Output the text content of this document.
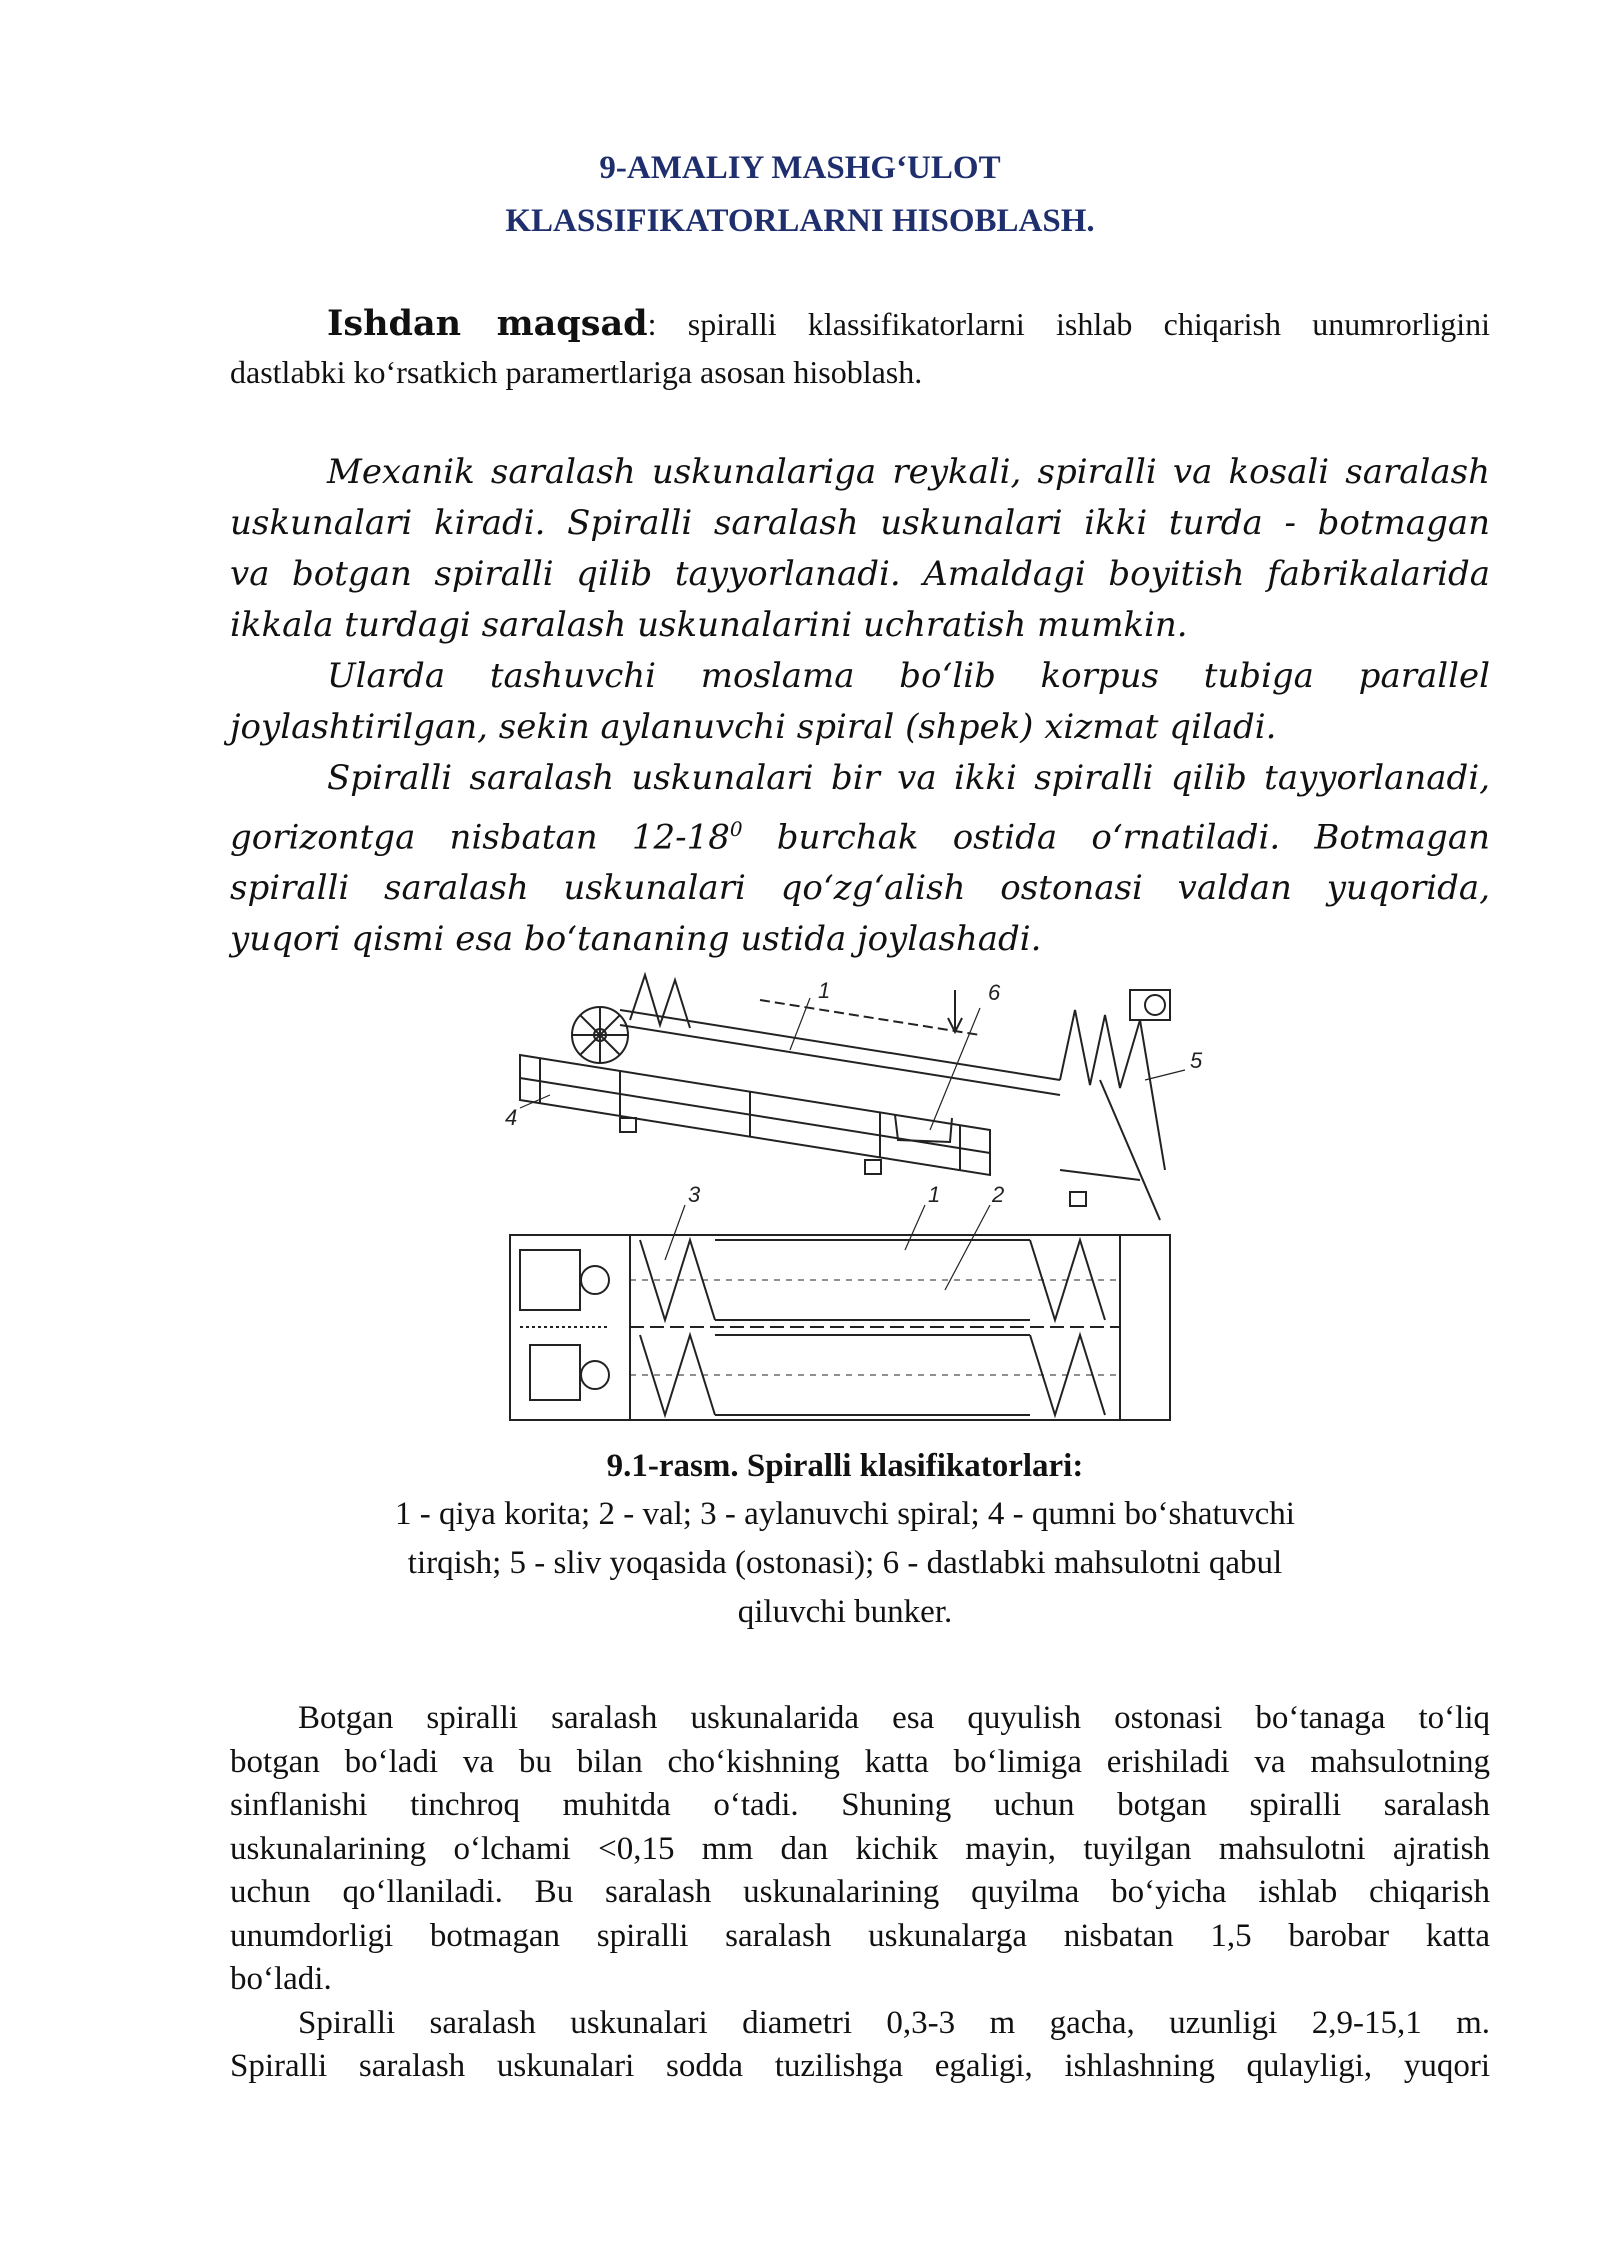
9-AMALIY MASHG‘ULOT
KLASSIFIKATORLARNI HISOBLASH.
Ishdan maqsad: spiralli klassifikatorlarni ishlab chiqarish unumrorligini
dastlabki ko‘rsatkich paramertlariga asosan hisoblash.
Mexanik saralash uskunalariga reykali, spiralli va kosali saralash
uskunalari kiradi. Spiralli saralash uskunalari ikki turda - botmagan
va botgan spiralli qilib tayyorlanadi. Amaldagi boyitish fabrikalarida
ikkala turdagi saralash uskunalarini uchratish mumkin.
Ularda tashuvchi moslama bo‘lib korpus tubiga parallel
joylashtirilgan, sekin aylanuvchi spiral (shpek) xizmat qiladi.
Spiralli saralash uskunalari bir va ikki spiralli qilib tayyorlanadi,
gorizontga nisbatan $12-18^0$ burchak ostida o‘rnatiladi. Botmagan
spiralli saralash uskunalari qo‘zg‘alish ostonasi valdan yuqorida,
yuqori qismi esa bo‘tananing ustida joylashadi.
1	6
5
4
3	1 2
9.1-rasm. Spiralli klasifikatorlari:
1 - qiya korita; 2 - val; 3 - aylanuvchi spiral; 4 - qumni bo‘shatuvchi
tirqish; 5 - sliv yoqasida (ostonasi); 6 - dastlabki mahsulotni qabul
qiluvchi bunker.
Botgan spiralli saralash uskunalarida esa quyulish ostonasi bo‘tanaga to‘liq
botgan bo‘ladi va bu bilan cho‘kishning katta bo‘limiga erishiladi va mahsulotning
sinflanishi tinchroq muhitda o‘tadi. Shuning uchun botgan spiralli saralash
uskunalarining o‘lchami <0,15 mm dan kichik mayin, tuyilgan mahsulotni ajratish
uchun qo‘llaniladi. Bu saralash uskunalarining quyilma bo‘yicha ishlab chiqarish
unumdorligi botmagan spiralli saralash uskunalarga nisbatan 1,5 barobar katta
bo‘ladi.
Spiralli saralash uskunalari diametri 0,3-3 m gacha, uzunligi 2,9-15,1 m.
Spiralli saralash uskunalari sodda tuzilishga egaligi, ishlashning qulayligi, yuqori
